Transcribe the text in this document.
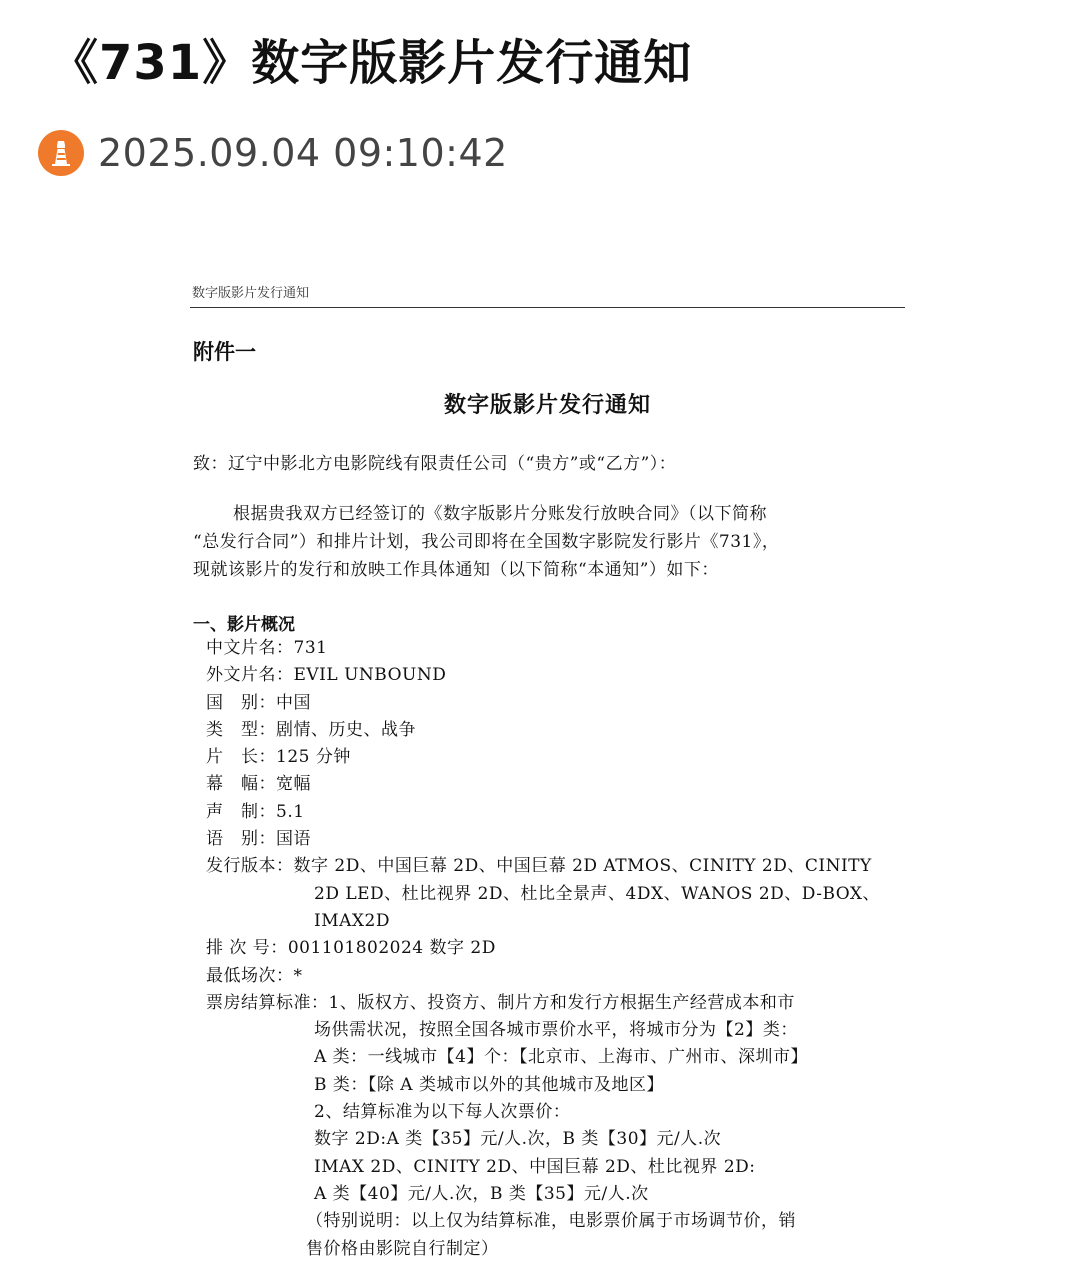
《731》数字版影片发行通知
2025.09.04 09:10:42
数字版影片发行通知
附件一
数字版影片发行通知
致：辽宁中影北方电影院线有限责任公司（“贵方”或“乙方”）：
根据贵我双方已经签订的《数字版影片分账发行放映合同》（以下简称
“总发行合同”）和排片计划，我公司即将在全国数字影院发行影片《731》，
现就该影片的发行和放映工作具体通知（以下简称“本通知”）如下：
一、影片概况
中文片名： 731
外文片名： EVIL UNBOUND
国　别： 中国
类　型： 剧情、历史、战争
片　长： 125 分钟
幕　幅： 宽幅
声　制： 5.1
语　别： 国语
发行版本： 数字 2D、中国巨幕 2D、中国巨幕 2D ATMOS、CINITY 2D、CINITY
2D LED、杜比视界 2D、杜比全景声、4DX、WANOS 2D、D-BOX、
IMAX2D
排 次 号： 001101802024 数字 2D
最低场次： *
票房结算标准： 1、版权方、投资方、制片方和发行方根据生产经营成本和市
场供需状况，按照全国各城市票价水平，将城市分为【2】类：
A 类：一线城市【4】个：【北京市、上海市、广州市、深圳市】
B 类：【除 A 类城市以外的其他城市及地区】
2、结算标准为以下每人次票价：
数字 2D:A 类【35】元/人.次，B 类【30】元/人.次
IMAX 2D、CINITY 2D、中国巨幕 2D、杜比视界 2D:
A 类【40】元/人.次，B 类【35】元/人.次
（特别说明：以上仅为结算标准，电影票价属于市场调节价，销
售价格由影院自行制定）
